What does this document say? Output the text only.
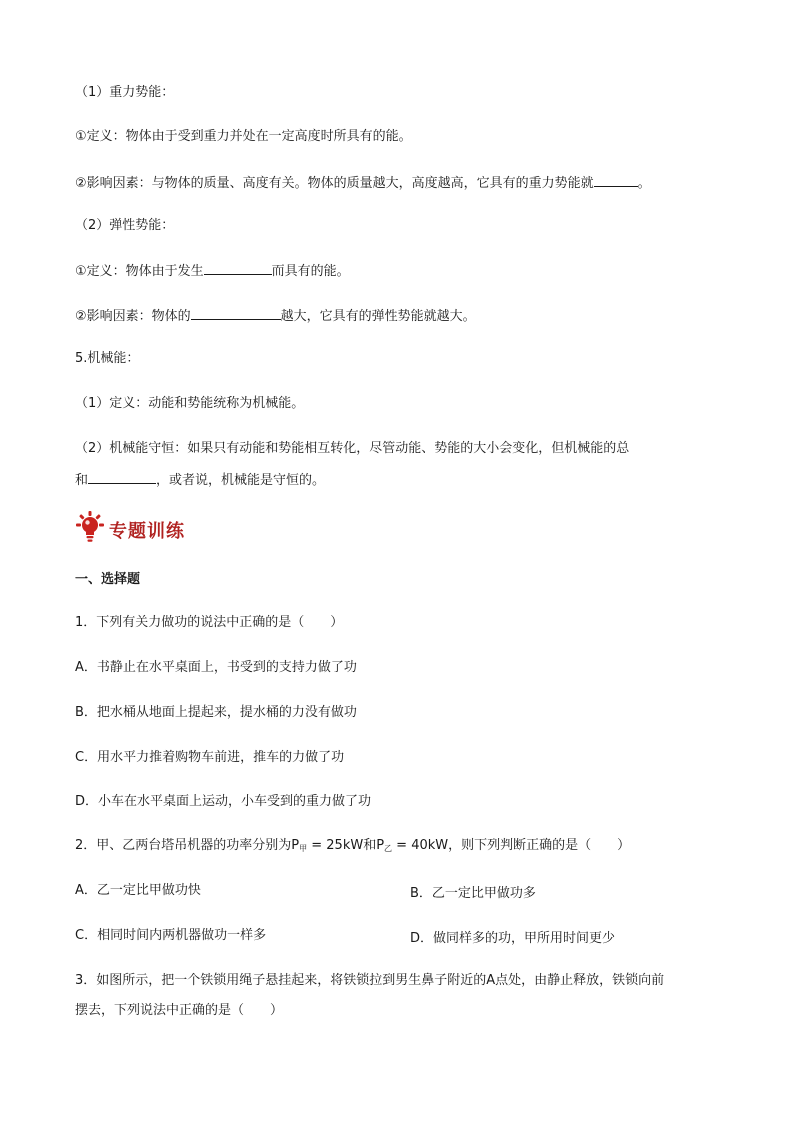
（1）重力势能：
①定义：物体由于受到重力并处在一定高度时所具有的能。
②影响因素：与物体的质量、高度有关。物体的质量越大，高度越高，它具有的重力势能就	。
（2）弹性势能：
①定义：物体由于发生	而具有的能。
②影响因素：物体的	越大，它具有的弹性势能就越大。
5.机械能：
（1）定义：动能和势能统称为机械能。
（2）机械能守恒：如果只有动能和势能相互转化，尽管动能、势能的大小会变化，但机械能的总
和	，或者说，机械能是守恒的。
专题训练
一、选择题
1．下列有关力做功的说法中正确的是（　　）
A．书静止在水平桌面上，书受到的支持力做了功
B．把水桶从地面上提起来，提水桶的力没有做功
C．用水平力推着购物车前进，推车的力做了功
D．小车在水平桌面上运动，小车受到的重力做了功
2．甲、乙两台塔吊机器的功率分别为$P_甲 = 25kW$和$P_乙 = 40kW$，则下列判断正确的是（　　）
A．乙一定比甲做功快	B．乙一定比甲做功多
C．相同时间内两机器做功一样多	D．做同样多的功，甲所用时间更少
3．如图所示，把一个铁锁用绳子悬挂起来，将铁锁拉到男生鼻子附近的A点处，由静止释放，铁锁向前
摆去，下列说法中正确的是（　　）
